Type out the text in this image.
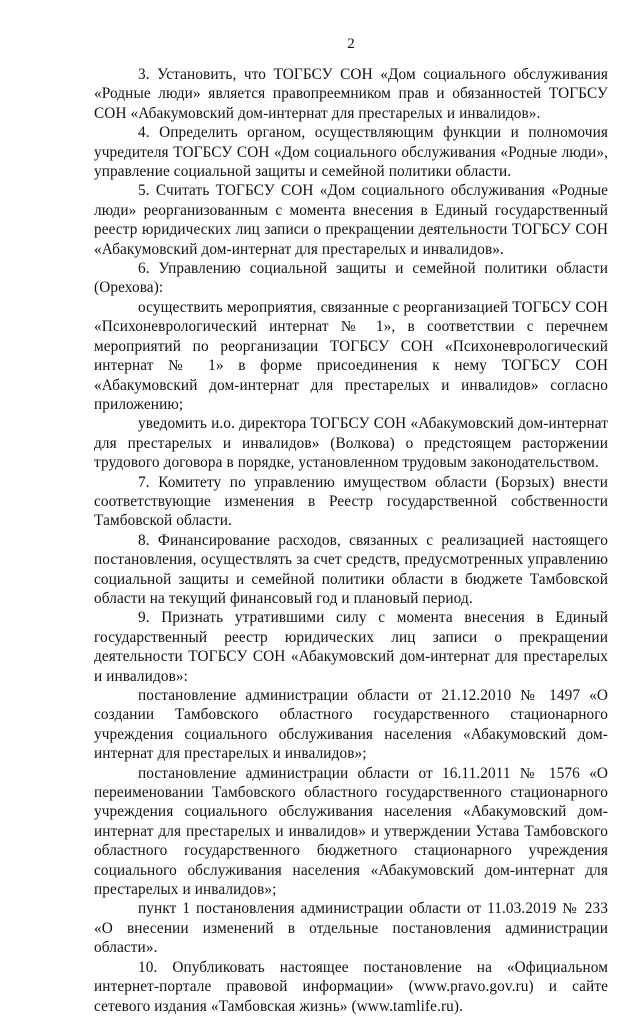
2

3. Установить, что ТОГБСУ СОН «Дом социального обслуживания «Родные люди» является правопреемником прав и обязанностей ТОГБСУ СОН «Абакумовский дом-интернат для престарелых и инвалидов».

4. Определить органом, осуществляющим функции и полномочия учредителя ТОГБСУ СОН «Дом социального обслуживания «Родные люди», управление социальной защиты и семейной политики области.

5. Считать ТОГБСУ СОН «Дом социального обслуживания «Родные люди» реорганизованным с момента внесения в Единый государственный реестр юридических лиц записи о прекращении деятельности ТОГБСУ СОН «Абакумовский дом-интернат для престарелых и инвалидов».

6. Управлению социальной защиты и семейной политики области (Орехова):

осуществить мероприятия, связанные с реорганизацией ТОГБСУ СОН «Психоневрологический интернат № 1», в соответствии с перечнем мероприятий по реорганизации ТОГБСУ СОН «Психоневрологический интернат № 1» в форме присоединения к нему ТОГБСУ СОН «Абакумовский дом-интернат для престарелых и инвалидов» согласно приложению;

уведомить и.о. директора ТОГБСУ СОН «Абакумовский дом-интернат для престарелых и инвалидов» (Волкова) о предстоящем расторжении трудового договора в порядке, установленном трудовым законодательством.

7. Комитету по управлению имуществом области (Борзых) внести соответствующие изменения в Реестр государственной собственности Тамбовской области.

8. Финансирование расходов, связанных с реализацией настоящего постановления, осуществлять за счет средств, предусмотренных управлению социальной защиты и семейной политики области в бюджете Тамбовской области на текущий финансовый год и плановый период.

9. Признать утратившими силу с момента внесения в Единый государственный реестр юридических лиц записи о прекращении деятельности ТОГБСУ СОН «Абакумовский дом-интернат для престарелых и инвалидов»:

постановление администрации области от 21.12.2010 № 1497 «О создании Тамбовского областного государственного стационарного учреждения социального обслуживания населения «Абакумовский дом-интернат для престарелых и инвалидов»;

постановление администрации области от 16.11.2011 № 1576 «О переименовании Тамбовского областного государственного стационарного учреждения социального обслуживания населения «Абакумовский дом-интернат для престарелых и инвалидов» и утверждении Устава Тамбовского областного государственного бюджетного стационарного учреждения социального обслуживания населения «Абакумовский дом-интернат для престарелых и инвалидов»;

пункт 1 постановления администрации области от 11.03.2019 № 233 «О внесении изменений в отдельные постановления администрации области».

10. Опубликовать настоящее постановление на «Официальном интернет-портале правовой информации» (www.pravo.gov.ru) и сайте сетевого издания «Тамбовская жизнь» (www.tamlife.ru).
